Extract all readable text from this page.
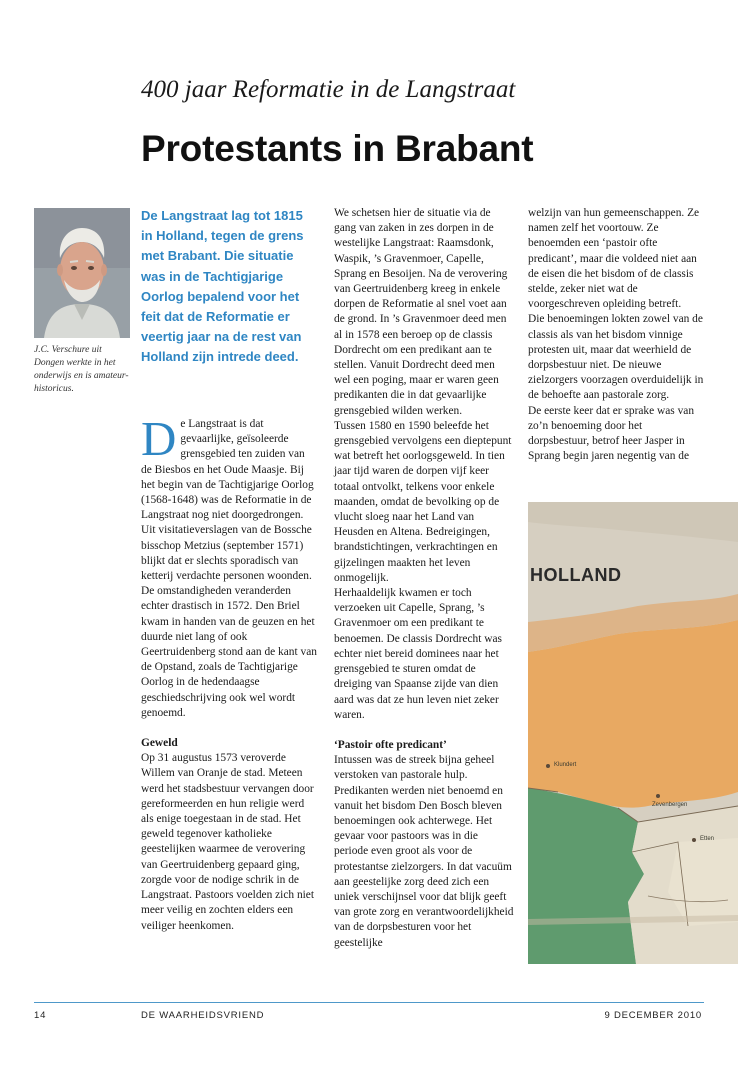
400 jaar Reformatie in de Langstraat
Protestants in Brabant
J.C. Verschure uit Dongen werkte in het onderwijs en is amateur-historicus.
De Langstraat lag tot 1815 in Holland, tegen de grens met Brabant. Die situatie was in de Tachtigjarige Oorlog bepalend voor het feit dat de Reformatie er veertig jaar na de rest van Holland zijn intrede deed.

De Langstraat is dat gevaarlijke, geïsoleerde grensgebied ten zuiden van de Biesbos en het Oude Maasje. Bij het begin van de Tachtigjarige Oorlog (1568-1648) was de Reformatie in de Langstraat nog niet doorgedrongen.

Uit visitatieverslagen van de Bossche bisschop Metzius (september 1571) blijkt dat er slechts sporadisch van ketterij verdachte personen woonden.

De omstandigheden veranderden echter drastisch in 1572. Den Briel kwam in handen van de geuzen en het duurde niet lang of ook Geertruidenberg stond aan de kant van de Opstand, zoals de Tachtigjarige Oorlog in de hedendaagse geschiedschrijving ook wel wordt genoemd.

Geweld

Op 31 augustus 1573 veroverde Willem van Oranje de stad. Meteen werd het stadsbestuur vervangen door gereformeerden en hun religie werd als enige toegestaan in de stad. Het geweld tegenover katholieke geestelijken waarmee de verovering van Geertruidenberg gepaard ging, zorgde voor de nodige schrik in de Langstraat. Pastoors voelden zich niet meer veilig en zochten elders een veiliger heenkomen.

We schetsen hier de situatie via de gang van zaken in zes dorpen in de westelijke Langstraat: Raamsdonk, Waspik, ’s Gravenmoer, Capelle, Sprang en Besoijen. Na de verovering van Geertruidenberg kreeg in enkele dorpen de Reformatie al snel voet aan de grond. In ’s Gravenmoer deed men al in 1578 een beroep op de classis Dordrecht om een predikant aan te stellen. Vanuit Dordrecht deed men wel een poging, maar er waren geen predikanten die in dat gevaarlijke grensgebied wilden werken.

Tussen 1580 en 1590 beleefde het grensgebied vervolgens een dieptepunt wat betreft het oorlogsgeweld. In tien jaar tijd waren de dorpen vijf keer totaal ontvolkt, telkens voor enkele maanden, omdat de bevolking op de vlucht sloeg naar het Land van Heusden en Altena. Bedreigingen, brandstichtingen, verkrachtingen en gijzelingen maakten het leven onmogelijk.

Herhaaldelijk kwamen er toch verzoeken uit Capelle, Sprang, ’s Gravenmoer om een predikant te benoemen. De classis Dordrecht was echter niet bereid dominees naar het grensgebied te sturen omdat de dreiging van Spaanse zijde van dien aard was dat ze hun leven niet zeker waren.

‘Pastoir ofte predicant’

Intussen was de streek bijna geheel verstoken van pastorale hulp. Predikanten werden niet benoemd en vanuit het bisdom Den Bosch bleven benoemingen ook achterwege. Het gevaar voor pastoors was in die periode even groot als voor de protestantse zielzorgers. In dat vacuüm aan geestelijke zorg deed zich een uniek verschijnsel voor dat blijk geeft van grote zorg en verantwoordelijkheid van de dorpsbesturen voor het geestelijke

welzijn van hun gemeenschappen. Ze namen zelf het voortouw. Ze benoemden een ‘pastoir ofte predicant’, maar die voldeed niet aan de eisen die het bisdom of de classis stelde, zeker niet wat de voorgeschreven opleiding betreft.

Die benoemingen lokten zowel van de classis als van het bisdom vinnige protesten uit, maar dat weerhield de dorpsbestuur niet. De nieuwe zielzorgers voorzagen overduidelijk in de behoefte aan pastorale zorg.

De eerste keer dat er sprake was van zo’n benoeming door het dorpsbestuur, betrof heer Jasper in Sprang begin jaren negentig van de

HOLLAND
Klundert
Zevenbergen
Etten
14	DE WAARHEIDSVRIEND	9 DECEMBER 2010
